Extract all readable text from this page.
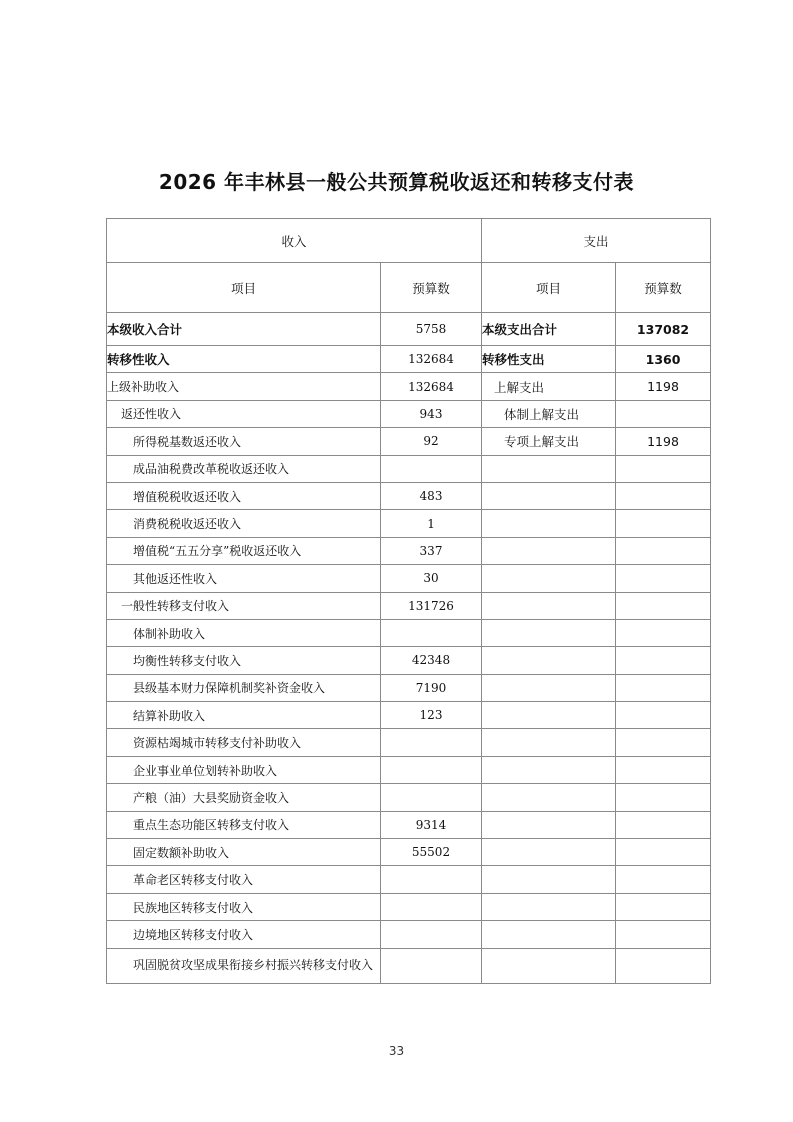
2026 年丰林县一般公共预算税收返还和转移支付表
收入		支出	
项目	预算数	项目	预算数
本级收入合计	5758	本级支出合计	137082
转移性收入	132684	转移性支出	1360
上级补助收入	132684	上解支出	1198
返还性收入	943	体制上解支出	
所得税基数返还收入	92	专项上解支出	1198
成品油税费改革税收返还收入			
增值税税收返还收入	483		
消费税税收返还收入	1		
增值税“五五分享”税收返还收入	337		
其他返还性收入	30		
一般性转移支付收入	131726		
体制补助收入			
均衡性转移支付收入	42348		
县级基本财力保障机制奖补资金收入	7190		
结算补助收入	123		
资源枯竭城市转移支付补助收入			
企业事业单位划转补助收入			
产粮（油）大县奖励资金收入			
重点生态功能区转移支付收入	9314		
固定数额补助收入	55502		
革命老区转移支付收入			
民族地区转移支付收入			
边境地区转移支付收入			
巩固脱贫攻坚成果衔接乡村振兴转移支付收入			
33
